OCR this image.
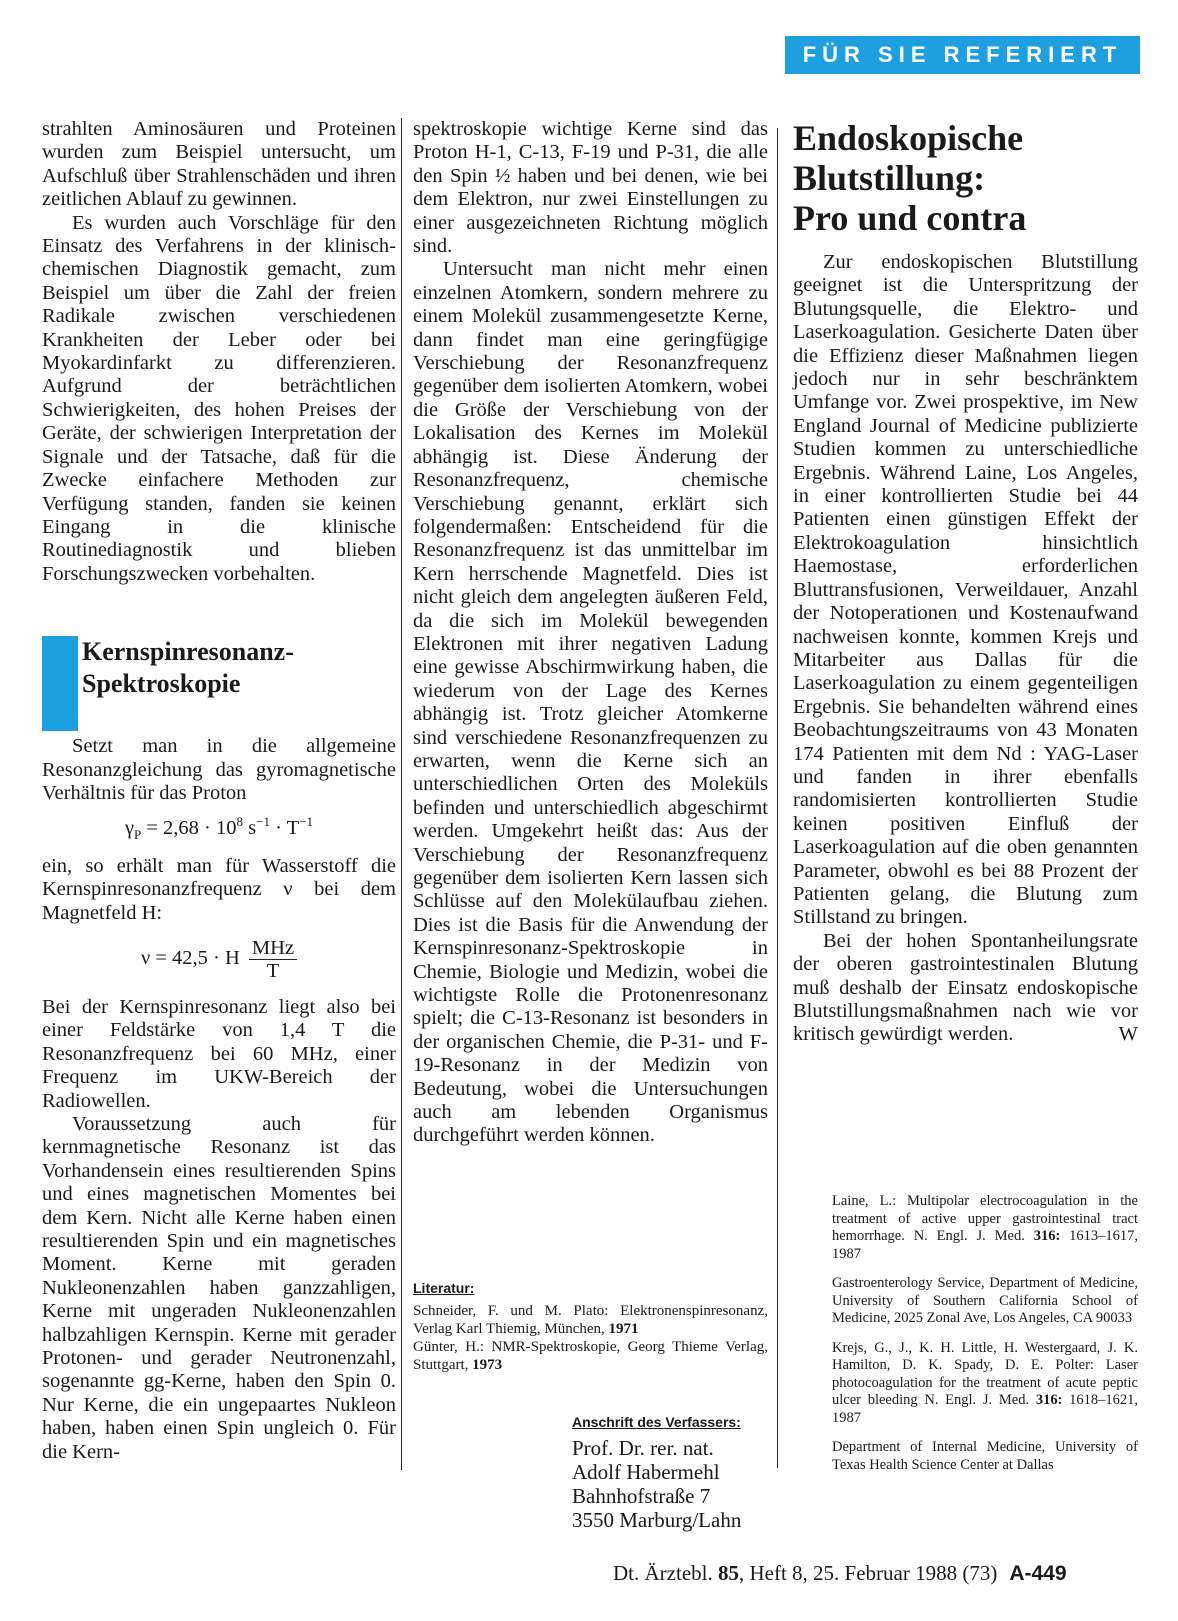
FÜR SIE REFERIERT

strahlten Aminosäuren und Proteinen wurden zum Beispiel untersucht, um Aufschluß über Strahlenschäden und ihren zeitlichen Ablauf zu gewinnen.

Es wurden auch Vorschläge für den Einsatz des Verfahrens in der klinisch-chemischen Diagnostik gemacht, zum Beispiel um über die Zahl der freien Radikale zwischen verschiedenen Krankheiten der Leber oder bei Myokardinfarkt zu differenzieren. Aufgrund der beträchtlichen Schwierigkeiten, des hohen Preises der Geräte, der schwierigen Interpretation der Signale und der Tatsache, daß für die Zwecke einfachere Methoden zur Verfügung standen, fanden sie keinen Eingang in die klinische Routinediagnostik und blieben Forschungszwecken vorbehalten.

Kernspinresonanz-
Spektroskopie

Setzt man in die allgemeine Resonanzgleichung das gyromagnetische Verhältnis für das Proton

$\gamma_P = 2,68 \cdot 10^8$ $s^{-1} \cdot T^{-1}$

ein, so erhält man für Wasserstoff die Kernspinresonanzfrequenz ν bei dem Magnetfeld H:

ν = 42,5 · H $\frac{\text{MHz}}{T}$

Bei der Kernspinresonanz liegt also bei einer Feldstärke von 1,4 T die Resonanzfrequenz bei 60 MHz, einer Frequenz im UKW-Bereich der Radiowellen.

Voraussetzung auch für kernmagnetische Resonanz ist das Vorhandensein eines resultierenden Spins und eines magnetischen Momentes bei dem Kern. Nicht alle Kerne haben einen resultierenden Spin und ein magnetisches Moment. Kerne mit geraden Nukleonenzahlen haben ganzzahligen, Kerne mit ungeraden Nukleonenzahlen halbzahligen Kernspin. Kerne mit gerader Protonen- und gerader Neutronenzahl, sogenannte gg-Kerne, haben den Spin 0. Nur Kerne, die ein ungepaartes Nukleon haben, haben einen Spin ungleich 0. Für die Kern-

spektroskopie wichtige Kerne sind das Proton H-1, C-13, F-19 und P-31, die alle den Spin ½ haben und bei denen, wie bei dem Elektron, nur zwei Einstellungen zu einer ausgezeichneten Richtung möglich sind.

Untersucht man nicht mehr einen einzelnen Atomkern, sondern mehrere zu einem Molekül zusammengesetzte Kerne, dann findet man eine geringfügige Verschiebung der Resonanzfrequenz gegenüber dem isolierten Atomkern, wobei die Größe der Verschiebung von der Lokalisation des Kernes im Molekül abhängig ist. Diese Änderung der Resonanzfrequenz, chemische Verschiebung genannt, erklärt sich folgendermaßen: Entscheidend für die Resonanzfrequenz ist das unmittelbar im Kern herrschende Magnetfeld. Dies ist nicht gleich dem angelegten äußeren Feld, da die sich im Molekül bewegenden Elektronen mit ihrer negativen Ladung eine gewisse Abschirmwirkung haben, die wiederum von der Lage des Kernes abhängig ist. Trotz gleicher Atomkerne sind verschiedene Resonanzfrequenzen zu erwarten, wenn die Kerne sich an unterschiedlichen Orten des Moleküls befinden und unterschiedlich abgeschirmt werden. Umgekehrt heißt das: Aus der Verschiebung der Resonanzfrequenz gegenüber dem isolierten Kern lassen sich Schlüsse auf den Molekülaufbau ziehen. Dies ist die Basis für die Anwendung der Kernspinresonanz-Spektroskopie in Chemie, Biologie und Medizin, wobei die wichtigste Rolle die Protonenresonanz spielt; die C-13-Resonanz ist besonders in der organischen Chemie, die P-31- und F-19-Resonanz in der Medizin von Bedeutung, wobei die Untersuchungen auch am lebenden Organismus durchgeführt werden können.

Literatur:

Schneider, F. und M. Plato: Elektronenspinresonanz, Verlag Karl Thiemig, München, 1971

Günter, H.: NMR-Spektroskopie, Georg Thieme Verlag, Stuttgart, 1973

Anschrift des Verfassers:

Prof. Dr. rer. nat.

Adolf Habermehl

Bahnhofstraße 7

3550 Marburg/Lahn

Endoskopische
Blutstillung:
Pro und contra

Zur endoskopischen Blutstillung geeignet ist die Unterspritzung der Blutungsquelle, die Elektro- und Laserkoagulation. Gesicherte Daten über die Effizienz dieser Maßnahmen liegen jedoch nur in sehr beschränktem Umfange vor. Zwei prospektive, im New England Journal of Medicine publizierte Studien kommen zu unterschiedliche Ergebnis. Während Laine, Los Angeles, in einer kontrollierten Studie bei 44 Patienten einen günstigen Effekt der Elektrokoagulation hinsichtlich Haemostase, erforderlichen Bluttransfusionen, Verweildauer, Anzahl der Notoperationen und Kostenaufwand nachweisen konnte, kommen Krejs und Mitarbeiter aus Dallas für die Laserkoagulation zu einem gegenteiligen Ergebnis. Sie behandelten während eines Beobachtungszeitraums von 43 Monaten 174 Patienten mit dem Nd : YAG-Laser und fanden in ihrer ebenfalls randomisierten kontrollierten Studie keinen positiven Einfluß der Laserkoagulation auf die oben genannten Parameter, obwohl es bei 88 Prozent der Patienten gelang, die Blutung zum Stillstand zu bringen.

Bei der hohen Spontanheilungsrate der oberen gastrointestinalen Blutung muß deshalb der Einsatz endoskopische Blutstillungsmaßnahmen nach wie vor kritisch gewürdigt werden.	W

Laine, L.: Multipolar electrocoagulation in the treatment of active upper gastrointestinal tract hemorrhage. N. Engl. J. Med. 316: 1613–1617, 1987

Gastroenterology Service, Department of Medicine, University of Southern California School of Medicine, 2025 Zonal Ave, Los Angeles, CA 90033

Krejs, G., J., K. H. Little, H. Westergaard, J. K. Hamilton, D. K. Spady, D. E. Polter: Laser photocoagulation for the treatment of acute peptic ulcer bleeding N. Engl. J. Med. 316: 1618–1621, 1987

Department of Internal Medicine, University of Texas Health Science Center at Dallas

Dt. Ärztebl. 85, Heft 8, 25. Februar 1988 (73) A-449
